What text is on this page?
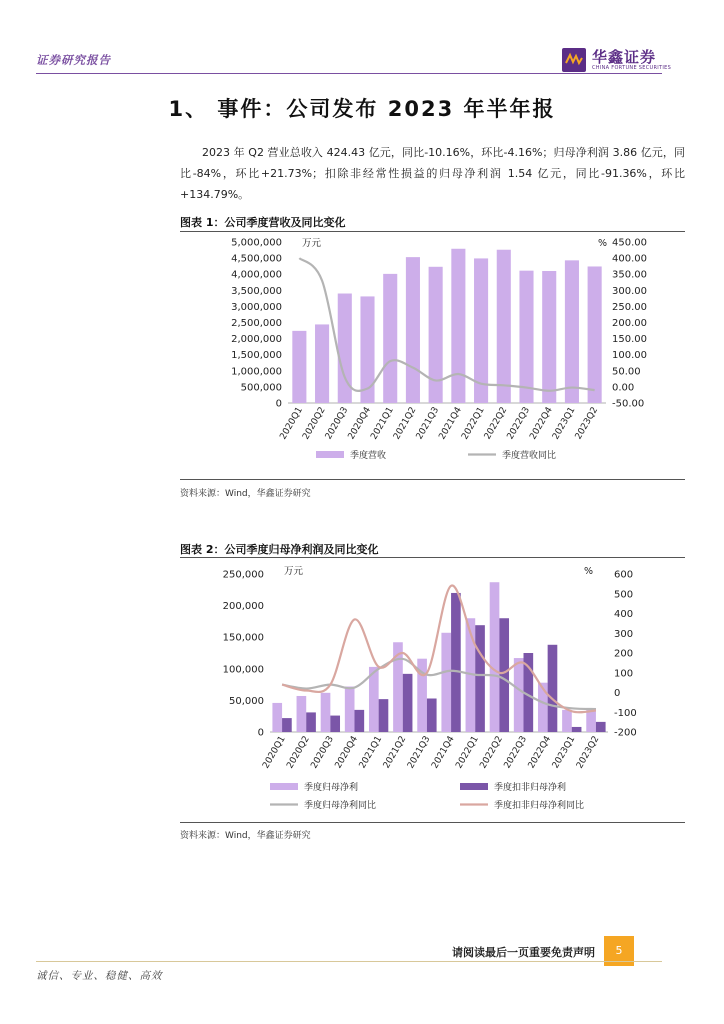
证券研究报告	华鑫证券
CHINA FORTUNE SECURITIES
1、 事件：公司发布 2023 年半年报
2023 年 Q2 营业总收入 424.43 亿元，同比-10.16%，环比-4.16%；归母净利润 3.86 亿元，同比-84%，环比+21.73%；扣除非经常性损益的归母净利润 1.54 亿元，同比-91.36%，环比+134.79%。
图表 1：公司季度营收及同比变化
5,000,000
4,500,000
4,000,000
3,500,000
3,000,000
2,500,000
2,000,000
1,500,000
1,000,000
500,000
0
450.00
400.00
350.00
300.00
250.00
200.00
150.00
100.00
50.00
0.00
-50.00
万元	%
2020Q1
2020Q2
2020Q3
2020Q4
2021Q1
2021Q2
2021Q3
2021Q4
2022Q1
2022Q2
2022Q3
2022Q4
2023Q1
2023Q2
季度营收	季度营收同比
资料来源：Wind，华鑫证券研究
图表 2：公司季度归母净利润及同比变化
250,000
200,000
150,000
100,000
50,000
0
600
500
400
300
200
100
0
-100
-200
万元	%
2020Q1
2020Q2
2020Q3
2020Q4
2021Q1
2021Q2
2021Q3
2021Q4
2022Q1
2022Q2
2022Q3
2022Q4
2023Q1
2023Q2
季度归母净利	季度扣非归母净利
季度归母净利同比	季度扣非归母净利同比
资料来源：Wind，华鑫证券研究
请阅读最后一页重要免责声明	5
诚信、专业、稳健、高效
